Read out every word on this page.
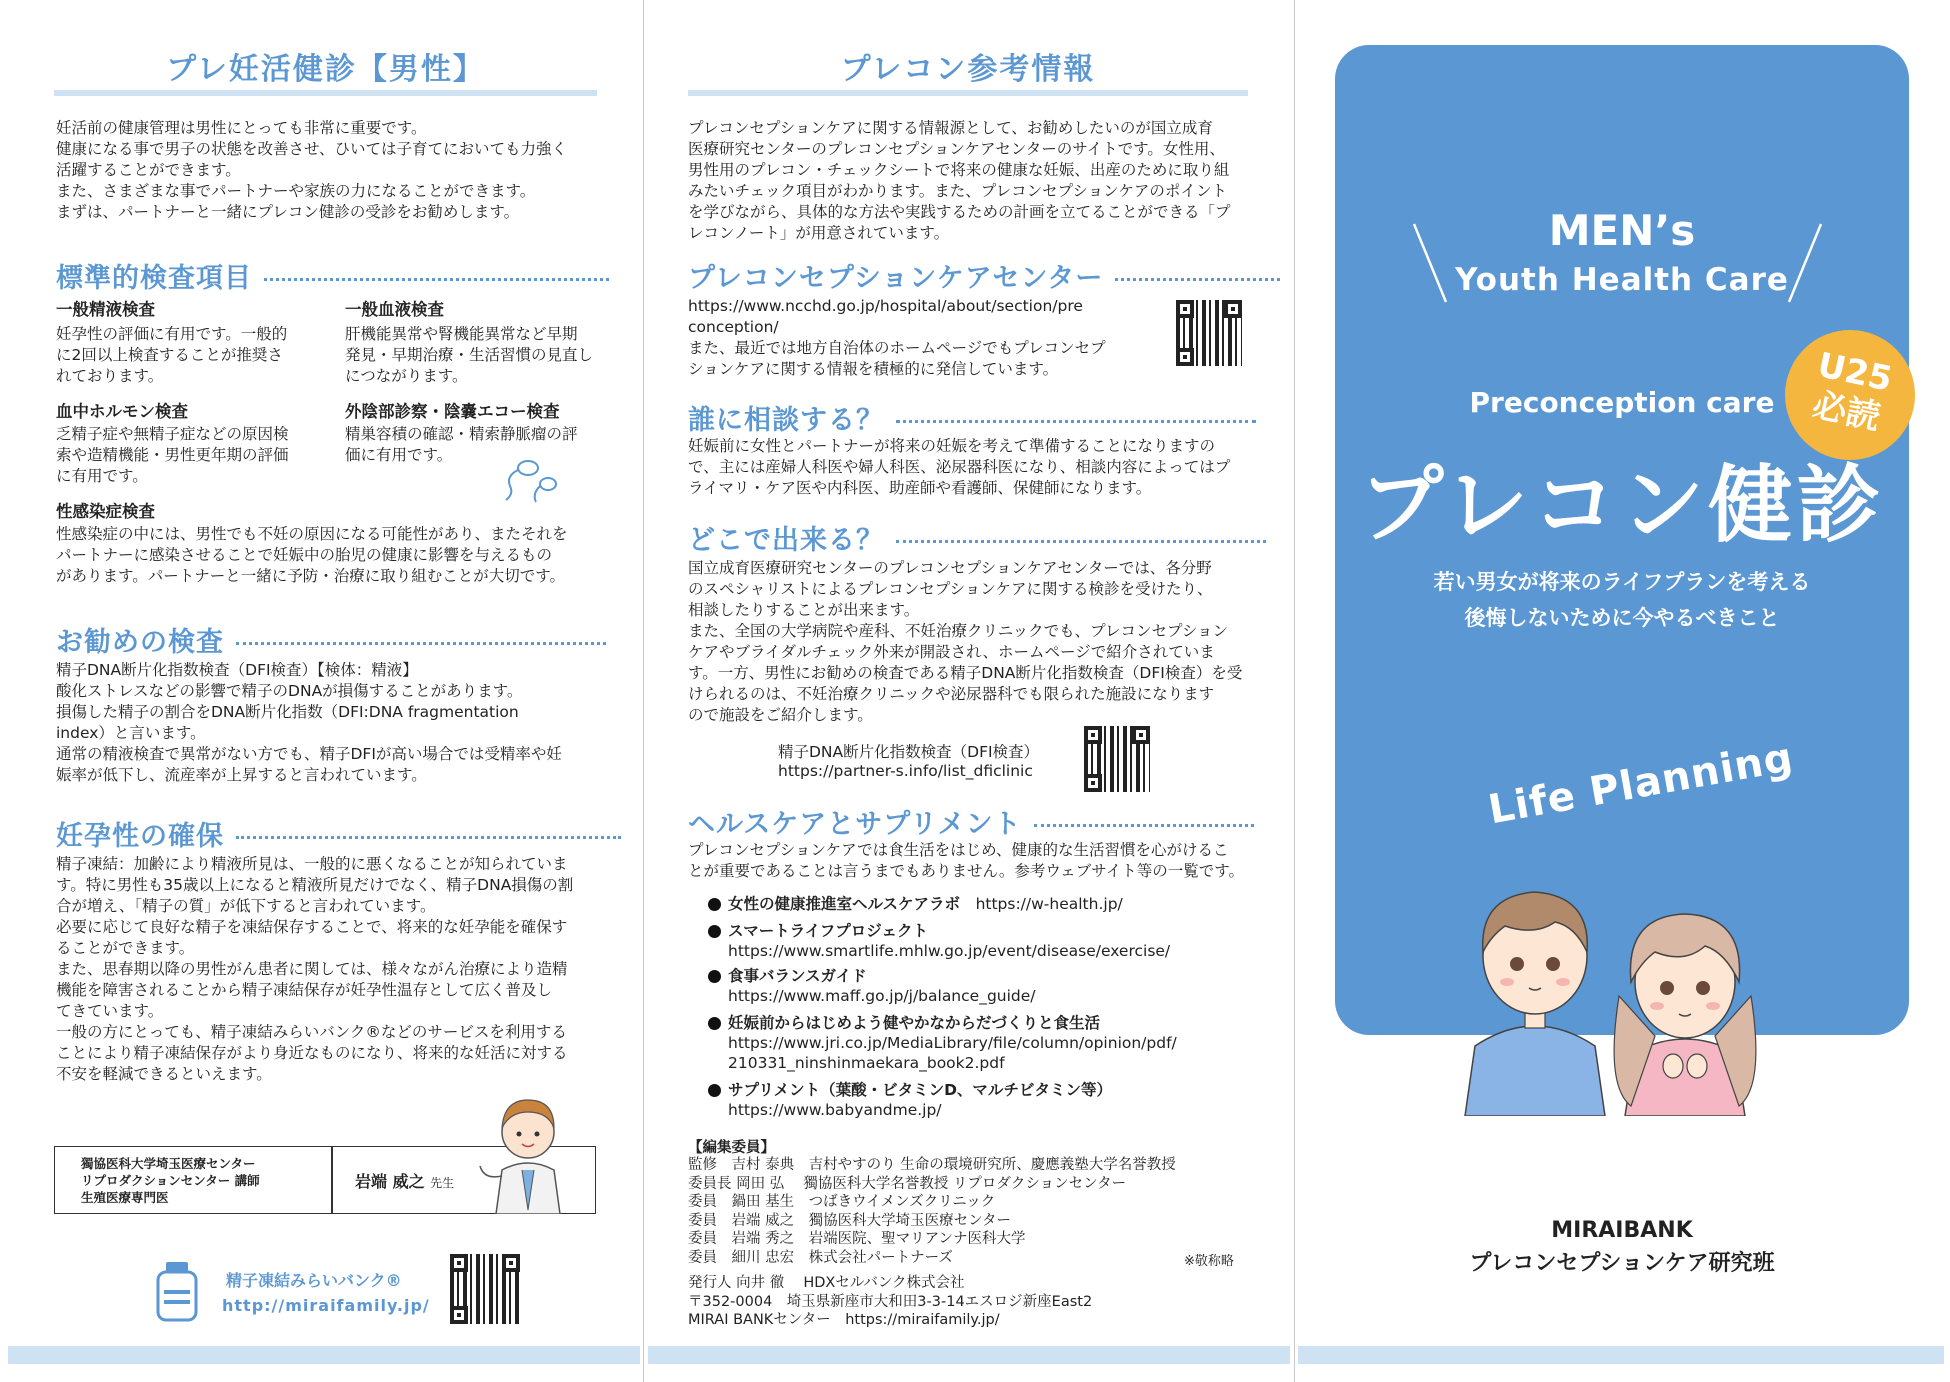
プレ妊活健診【男性】
妊活前の健康管理は男性にとっても非常に重要です。
健康になる事で男子の状態を改善させ、ひいては子育てにおいても力強く
活躍することができます。
また、さまざまな事でパートナーや家族の力になることができます。
まずは、パートナーと一緒にプレコン健診の受診をお勧めします。
標準的検査項目
一般精液検査
妊孕性の評価に有用です。一般的
に2回以上検査することが推奨さ
れております。
一般血液検査
肝機能異常や腎機能異常など早期
発見・早期治療・生活習慣の見直し
につながります。
血中ホルモン検査
乏精子症や無精子症などの原因検
索や造精機能・男性更年期の評価
に有用です。
外陰部診察・陰嚢エコー検査
精巣容積の確認・精索静脈瘤の評
価に有用です。
性感染症検査
性感染症の中には、男性でも不妊の原因になる可能性があり、またそれを
パートナーに感染させることで妊娠中の胎児の健康に影響を与えるもの
があります。パートナーと一緒に予防・治療に取り組むことが大切です。
お勧めの検査
精子DNA断片化指数検査（DFI検査）【検体：精液】
酸化ストレスなどの影響で精子のDNAが損傷することがあります。
損傷した精子の割合をDNA断片化指数（DFI:DNA fragmentation
index）と言います。
通常の精液検査で異常がない方でも、精子DFIが高い場合では受精率や妊
娠率が低下し、流産率が上昇すると言われています。
妊孕性の確保
精子凍結：加齢により精液所見は、一般的に悪くなることが知られていま
す。特に男性も35歳以上になると精液所見だけでなく、精子DNA損傷の割
合が増え、「精子の質」が低下すると言われています。
必要に応じて良好な精子を凍結保存することで、将来的な妊孕能を確保す
ることができます。
また、思春期以降の男性がん患者に関しては、様々ながん治療により造精
機能を障害されることから精子凍結保存が妊孕性温存として広く普及し
てきています。
一般の方にとっても、精子凍結みらいバンク®などのサービスを利用する
ことにより精子凍結保存がより身近なものになり、将来的な妊活に対する
不安を軽減できるといえます。
獨協医科大学埼玉医療センター
リプロダクションセンター 講師
生殖医療専門医
岩端 威之 先生
精子凍結みらいバンク®
http://miraifamily.jp/
プレコン参考情報
プレコンセプションケアに関する情報源として、お勧めしたいのが国立成育
医療研究センターのプレコンセプションケアセンターのサイトです。女性用、
男性用のプレコン・チェックシートで将来の健康な妊娠、出産のために取り組
みたいチェック項目がわかります。また、プレコンセプションケアのポイント
を学びながら、具体的な方法や実践するための計画を立てることができる「プ
レコンノート」が用意されています。
プレコンセプションケアセンター
https://www.ncchd.go.jp/hospital/about/section/pre
conception/
また、最近では地方自治体のホームページでもプレコンセプ
ションケアに関する情報を積極的に発信しています。
誰に相談する？
妊娠前に女性とパートナーが将来の妊娠を考えて準備することになりますの
で、主には産婦人科医や婦人科医、泌尿器科医になり、相談内容によってはプ
ライマリ・ケア医や内科医、助産師や看護師、保健師になります。
どこで出来る？
国立成育医療研究センターのプレコンセプションケアセンターでは、各分野
のスペシャリストによるプレコンセプションケアに関する検診を受けたり、
相談したりすることが出来ます。
また、全国の大学病院や産科、不妊治療クリニックでも、プレコンセプション
ケアやブライダルチェック外来が開設され、ホームページで紹介されていま
す。一方、男性にお勧めの検査である精子DNA断片化指数検査（DFI検査）を受
けられるのは、不妊治療クリニックや泌尿器科でも限られた施設になります
ので施設をご紹介します。
精子DNA断片化指数検査（DFI検査）
https://partner-s.info/list_dficlinic
ヘルスケアとサプリメント
プレコンセプションケアでは食生活をはじめ、健康的な生活習慣を心がけるこ
とが重要であることは言うまでもありません。参考ウェブサイト等の一覧です。
女性の健康推進室ヘルスケアラボ　 https://w-health.jp/
スマートライフプロジェクト
https://www.smartlife.mhlw.go.jp/event/disease/exercise/
食事バランスガイド
https://www.maff.go.jp/j/balance_guide/
妊娠前からはじめよう健やかなからだづくりと食生活
https://www.jri.co.jp/MediaLibrary/file/column/opinion/pdf/
210331_ninshinmaekara_book2.pdf
サプリメント（葉酸・ビタミンD、マルチビタミン等）
https://www.babyandme.jp/
【編集委員】
監修　吉村 泰典　吉村やすのり 生命の環境研究所、慶應義塾大学名誉教授
委員長 岡田 弘　 獨協医科大学名誉教授 リプロダクションセンター
委員　鍋田 基生　つばきウイメンズクリニック
委員　岩端 威之　獨協医科大学埼玉医療センター
委員　岩端 秀之　岩端医院、聖マリアンナ医科大学
委員　細川 忠宏　株式会社パートナーズ	※敬称略
発行人 向井 徹　 HDXセルバンク株式会社
〒352-0004　埼玉県新座市大和田3-3-14エスロジ新座East2
MIRAI BANKセンター　https://miraifamily.jp/
MEN’s
Youth Health Care
U25
必読
Preconception care
プレコン健診
若い男女が将来のライフプランを考える
後悔しないために今やるべきこと
Life Planning
MIRAIBANK
プレコンセプションケア研究班
